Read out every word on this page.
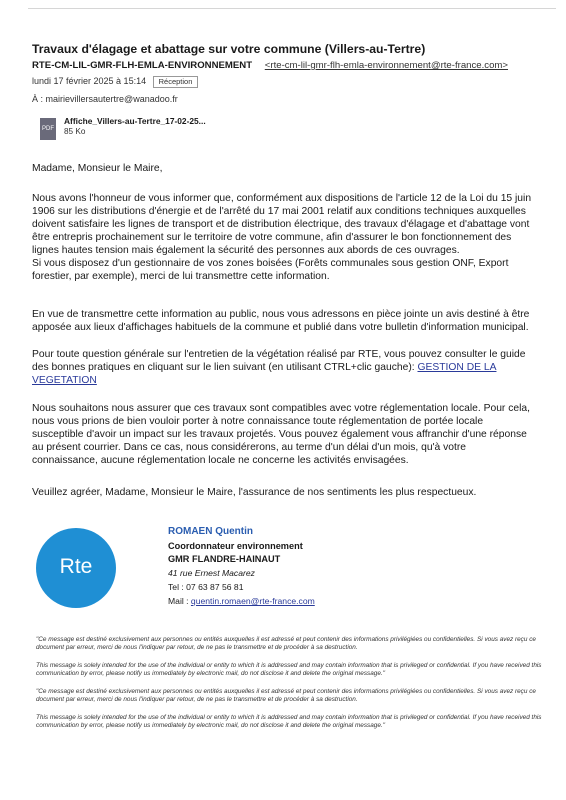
Travaux d'élagage et abattage sur votre commune (Villers-au-Tertre)
RTE-CM-LIL-GMR-FLH-EMLA-ENVIRONNEMENT <rte-cm-lil-gmr-flh-emla-environnement@rte-france.com>
lundi 17 février 2025 à 15:14 Réception
À : mairievillersautertre@wanadoo.fr
PDF
Affiche_Villers-au-Tertre_17-02-25...
85 Ko

Madame, Monsieur le Maire,

Nous avons l'honneur de vous informer que, conformément aux dispositions de l'article 12 de la Loi du 15 juin 1906 sur les distributions d'énergie et de l'arrêté du 17 mai 2001 relatif aux conditions techniques auxquelles doivent satisfaire les lignes de transport et de distribution électrique, des travaux d'élagage et d'abattage vont être entrepris prochainement sur le territoire de votre commune, afin d'assurer le bon fonctionnement des lignes hautes tension mais également la sécurité des personnes aux abords de ces ouvrages.

Si vous disposez d'un gestionnaire de vos zones boisées (Forêts communales sous gestion ONF, Export forestier, par exemple), merci de lui transmettre cette information.

En vue de transmettre cette information au public, nous vous adressons en pièce jointe un avis destiné à être apposée aux lieux d'affichages habituels de la commune et publié dans votre bulletin d'information municipal.

Pour toute question générale sur l'entretien de la végétation réalisé par RTE, vous pouvez consulter le guide des bonnes pratiques en cliquant sur le lien suivant (en utilisant CTRL+clic gauche): GESTION DE LA VEGETATION

Nous souhaitons nous assurer que ces travaux sont compatibles avec votre réglementation locale. Pour cela, nous vous prions de bien vouloir porter à notre connaissance toute réglementation de portée locale susceptible d'avoir un impact sur les travaux projetés. Vous pouvez également vous affranchir d'une réponse au présent courrier. Dans ce cas, nous considérerons, au terme d'un délai d'un mois, qu'à votre connaissance, aucune réglementation locale ne concerne les activités envisagées.

Veuillez agréer, Madame, Monsieur le Maire, l'assurance de nos sentiments les plus respectueux.

Rte
ROMAEN Quentin
Coordonnateur environnement
GMR FLANDRE-HAINAUT
41 rue Ernest Macarez
Tel : 07 63 87 56 81
Mail : quentin.romaen@rte-france.com
"Ce message est destiné exclusivement aux personnes ou entités auxquelles il est adressé et peut contenir des informations privilégiées ou confidentielles. Si vous avez reçu ce document par erreur, merci de nous l'indiquer par retour, de ne pas le transmettre et de procéder à sa destruction.
This message is solely intended for the use of the individual or entity to which it is addressed and may contain information that is privileged or confidential. If you have received this communication by error, please notify us immediately by electronic mail, do not disclose it and delete the original message."
"Ce message est destiné exclusivement aux personnes ou entités auxquelles il est adressé et peut contenir des informations privilégiées ou confidentielles. Si vous avez reçu ce document par erreur, merci de nous l'indiquer par retour, de ne pas le transmettre et de procéder à sa destruction.
This message is solely intended for the use of the individual or entity to which it is addressed and may contain information that is privileged or confidential. If you have received this communication by error, please notify us immediately by electronic mail, do not disclose it and delete the original message."
